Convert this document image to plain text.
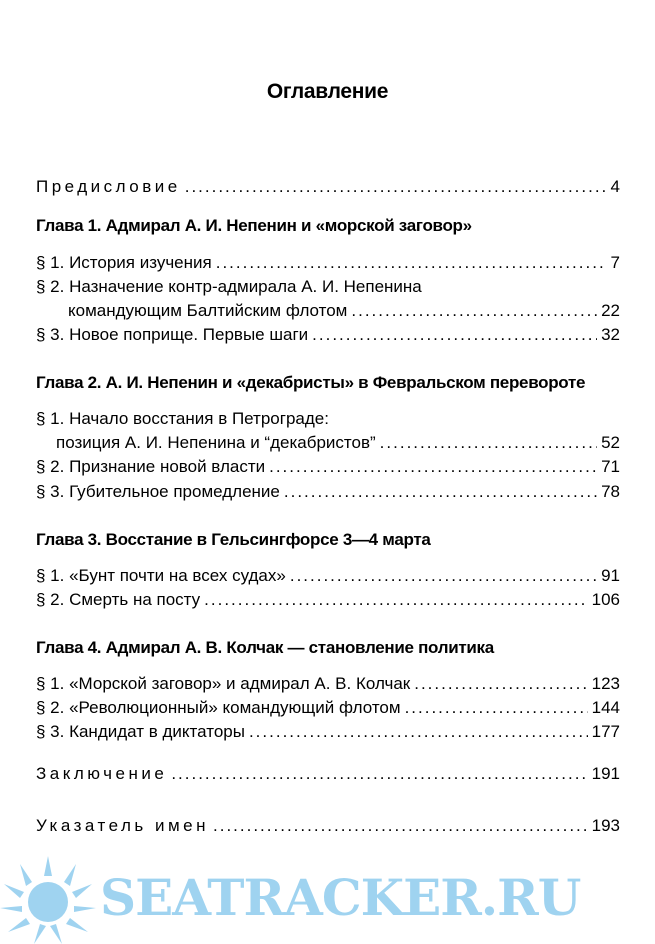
Оглавление
Предисловие .....	4
Глава 1. Адмирал А. И. Непенин и «морской заговор»
§ 1. История изучения .....	7
§ 2. Назначение контр-адмирала А. И. Непенина
командующим Балтийским флотом .....	22
§ 3. Новое поприще. Первые шаги .....	32
Глава 2. А. И. Непенин и «декабристы» в Февральском перевороте
§ 1. Начало восстания в Петрограде:
позиция А. И. Непенина и “декабристов” .....	52
§ 2. Признание новой власти .....	71
§ 3. Губительное промедление .....	78
Глава 3. Восстание в Гельсингфорсе 3—4 марта
§ 1. «Бунт почти на всех судах» .....	91
§ 2. Смерть на посту .....	106
Глава 4. Адмирал А. В. Колчак — становление политика
§ 1. «Морской заговор» и адмирал А. В. Колчак .....	123
§ 2. «Революционный» командующий флотом .....	144
§ 3. Кандидат в диктаторы .....	177
Заключение .....	191
Указатель имен .....	193
SEATRACKER.RU
